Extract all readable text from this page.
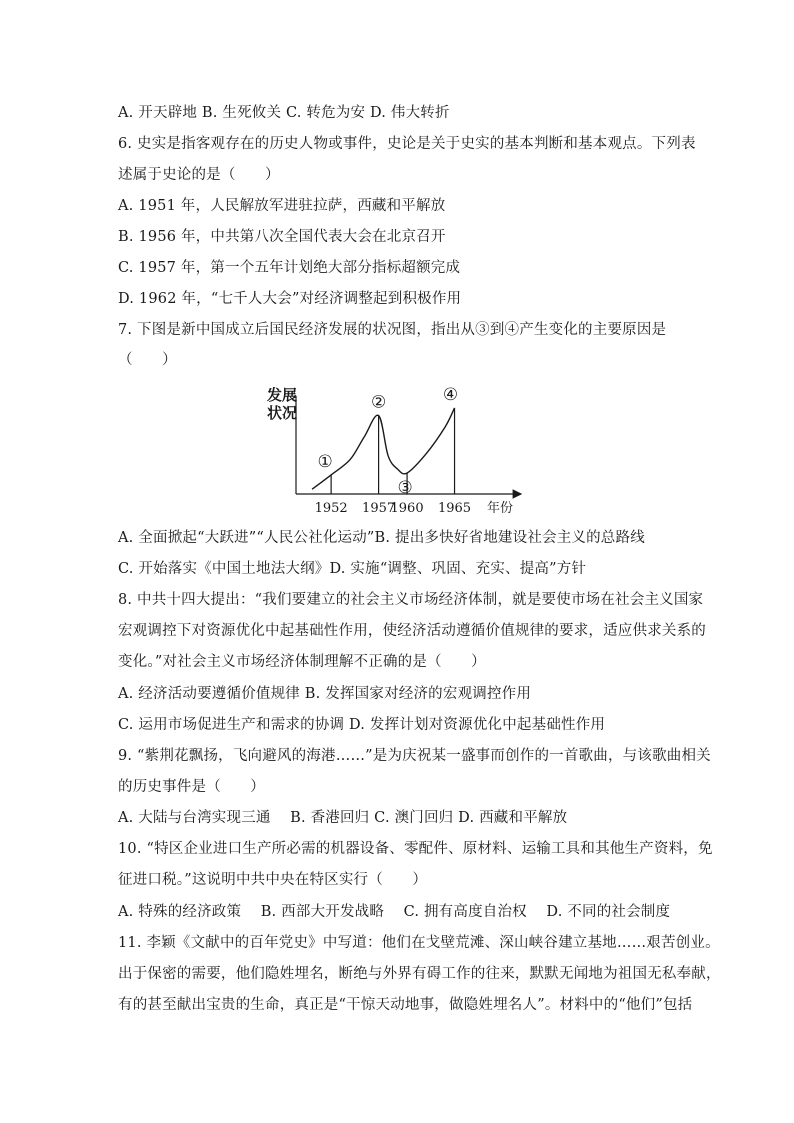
A. 开天辟地 B. 生死攸关 C. 转危为安 D. 伟大转折
6. 史实是指客观存在的历史人物或事件，史论是关于史实的基本判断和基本观点。下列表
述属于史论的是（　　）
A. 1951 年，人民解放军进驻拉萨，西藏和平解放
B. 1956 年，中共第八次全国代表大会在北京召开
C. 1957 年，第一个五年计划绝大部分指标超额完成
D. 1962 年，“七千人大会”对经济调整起到积极作用
7. 下图是新中国成立后国民经济发展的状况图，指出从③到④产生变化的主要原因是
（　　）
发展
状况
年份
1952 1957
1960 1965
①
②
③
④
A. 全面掀起“大跃进”“人民公社化运动”B. 提出多快好省地建设社会主义的总路线
C. 开始落实《中国土地法大纲》D. 实施“调整、巩固、充实、提高”方针
8. 中共十四大提出：“我们要建立的社会主义市场经济体制，就是要使市场在社会主义国家
宏观调控下对资源优化中起基础性作用，使经济活动遵循价值规律的要求，适应供求关系的
变化。”对社会主义市场经济体制理解不正确的是（　　）
A. 经济活动要遵循价值规律 B. 发挥国家对经济的宏观调控作用
C. 运用市场促进生产和需求的协调 D. 发挥计划对资源优化中起基础性作用
9. “紫荆花飘扬，飞向避风的海港……”是为庆祝某一盛事而创作的一首歌曲，与该歌曲相关
的历史事件是（　　）
A. 大陆与台湾实现三通　 B. 香港回归 C. 澳门回归 D. 西藏和平解放
10. “特区企业进口生产所必需的机器设备、零配件、原材料、运输工具和其他生产资料，免
征进口税。”这说明中共中央在特区实行（　　）
A. 特殊的经济政策　 B. 西部大开发战略　 C. 拥有高度自治权　 D. 不同的社会制度
11. 李颖《文献中的百年党史》中写道：他们在戈壁荒滩、深山峡谷建立基地……艰苦创业。
出于保密的需要，他们隐姓埋名，断绝与外界有碍工作的往来，默默无闻地为祖国无私奉献，
有的甚至献出宝贵的生命，真正是“干惊天动地事，做隐姓埋名人”。材料中的“他们”包括
